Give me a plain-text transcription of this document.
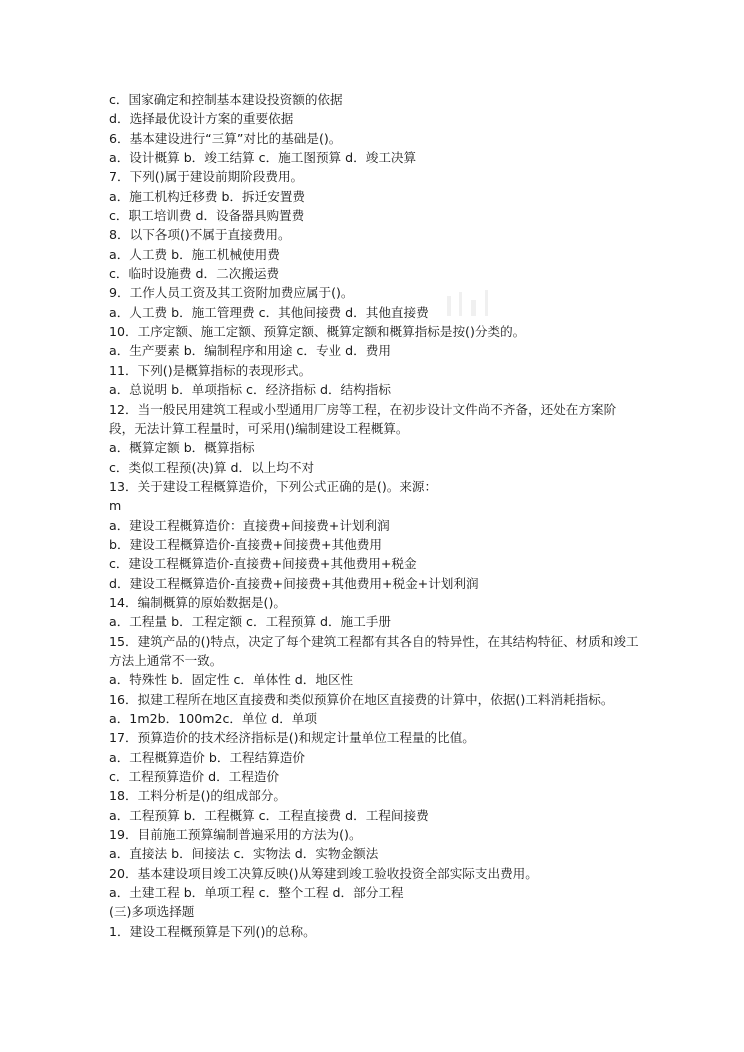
c．国家确定和控制基本建设投资额的依据

d．选择最优设计方案的重要依据

6．基本建设进行“三算”对比的基础是()。

a．设计概算 b．竣工结算 c．施工图预算 d．竣工决算

7．下列()属于建设前期阶段费用。

a．施工机构迁移费 b．拆迁安置费

c．职工培训费 d．设备器具购置费

8．以下各项()不属于直接费用。

a．人工费 b．施工机械使用费

c．临时设施费 d．二次搬运费

9．工作人员工资及其工资附加费应属于()。

a．人工费 b．施工管理费 c．其他间接费 d．其他直接费

10．工序定额、施工定额、预算定额、概算定额和概算指标是按()分类的。

a．生产要素 b．编制程序和用途 c．专业 d．费用

11．下列()是概算指标的表现形式。

a．总说明 b．单项指标 c．经济指标 d．结构指标

12．当一般民用建筑工程或小型通用厂房等工程，在初步设计文件尚不齐备，还处在方案阶段，无法计算工程量时，可采用()编制建设工程概算。

a．概算定额 b．概算指标

c．类似工程预(决)算 d．以上均不对

13．关于建设工程概算造价，下列公式正确的是()。来源：

m

a．建设工程概算造价：直接费+间接费+计划利润

b．建设工程概算造价-直接费+间接费+其他费用

c．建设工程概算造价-直接费+间接费+其他费用+税金

d．建设工程概算造价-直接费+间接费+其他费用+税金+计划利润

14．编制概算的原始数据是()。

a．工程量 b．工程定额 c．工程预算 d．施工手册

15．建筑产品的()特点，决定了每个建筑工程都有其各自的特异性，在其结构特征、材质和竣工方法上通常不一致。

a．特殊性 b．固定性 c．单体性 d．地区性

16．拟建工程所在地区直接费和类似预算价在地区直接费的计算中，依据()工料消耗指标。

a．1m2b．100m2c．单位 d．单项

17．预算造价的技术经济指标是()和规定计量单位工程量的比值。

a．工程概算造价 b．工程结算造价

c．工程预算造价 d．工程造价

18．工料分析是()的组成部分。

a．工程预算 b．工程概算 c．工程直接费 d．工程间接费

19．目前施工预算编制普遍采用的方法为()。

a．直接法 b．间接法 c．实物法 d．实物金额法

20．基本建设项目竣工决算反映()从筹建到竣工验收投资全部实际支出费用。

a．土建工程 b．单项工程 c．整个工程 d．部分工程

(三)多项选择题

1．建设工程概预算是下列()的总称。
